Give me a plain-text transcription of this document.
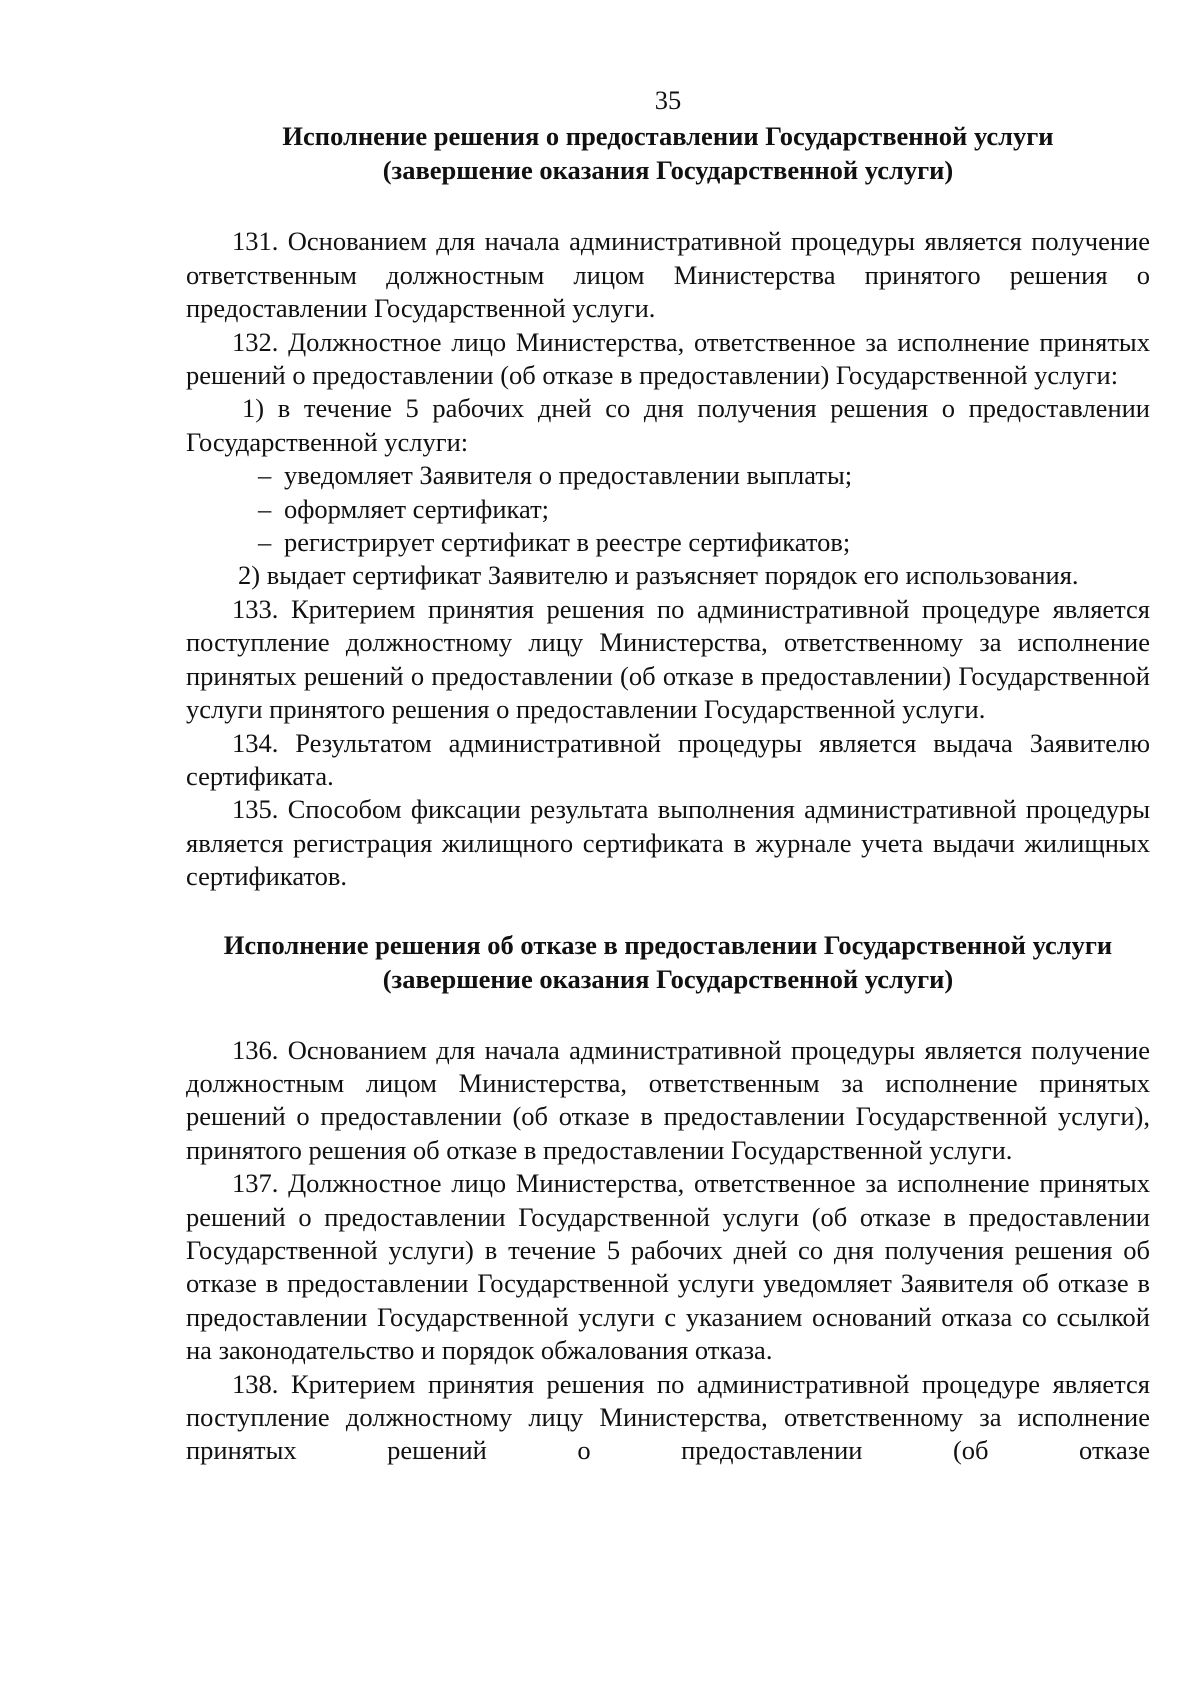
35
Исполнение решения о предоставлении Государственной услуги
(завершение оказания Государственной услуги)

131. Основанием для начала административной процедуры является получение ответственным должностным лицом Министерства принятого решения о предоставлении Государственной услуги.

132. Должностное лицо Министерства, ответственное за исполнение принятых решений о предоставлении (об отказе в предоставлении) Государственной услуги:

1) в течение 5 рабочих дней со дня получения решения о предоставлении Государственной услуги:

– уведомляет Заявителя о предоставлении выплаты;
– оформляет сертификат;
– регистрирует сертификат в реестре сертификатов;

2) выдает сертификат Заявителю и разъясняет порядок его использования.

133. Критерием принятия решения по административной процедуре является поступление должностному лицу Министерства, ответственному за исполнение принятых решений о предоставлении (об отказе в предоставлении) Государственной услуги принятого решения о предоставлении Государственной услуги.

134. Результатом административной процедуры является выдача Заявителю сертификата.

135. Способом фиксации результата выполнения административной процедуры является регистрация жилищного сертификата в журнале учета выдачи жилищных сертификатов.

Исполнение решения об отказе в предоставлении Государственной услуги
(завершение оказания Государственной услуги)

136. Основанием для начала административной процедуры является получение должностным лицом Министерства, ответственным за исполнение принятых решений о предоставлении (об отказе в предоставлении Государственной услуги), принятого решения об отказе в предоставлении Государственной услуги.

137. Должностное лицо Министерства, ответственное за исполнение принятых решений о предоставлении Государственной услуги (об отказе в предоставлении Государственной услуги) в течение 5 рабочих дней со дня получения решения об отказе в предоставлении Государственной услуги уведомляет Заявителя об отказе в предоставлении Государственной услуги с указанием оснований отказа со ссылкой на законодательство и порядок обжалования отказа.

138. Критерием принятия решения по административной процедуре является поступление должностному лицу Министерства, ответственному за исполнение принятых решений о предоставлении (об отказе
